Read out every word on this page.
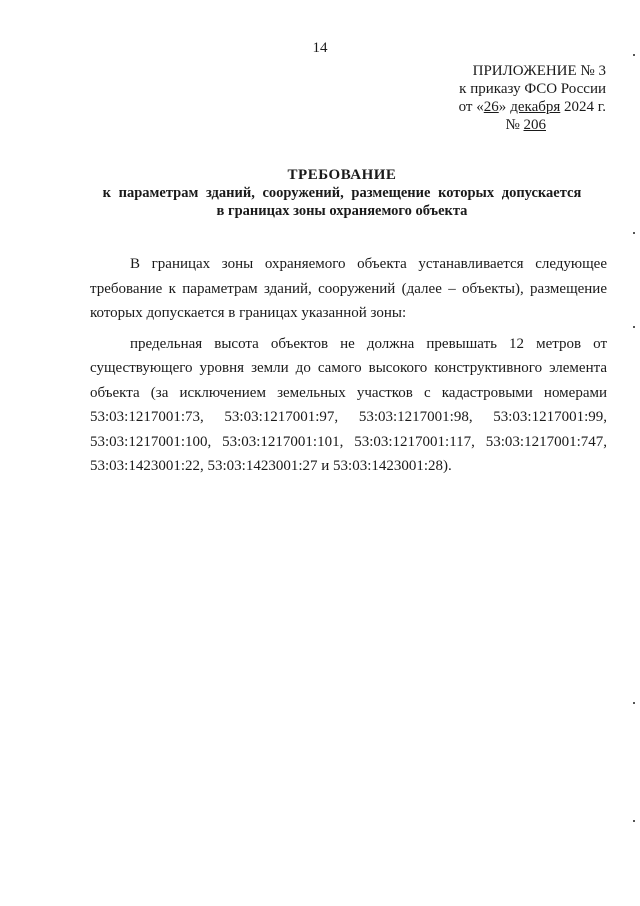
14
ПРИЛОЖЕНИЕ № 3
к приказу ФСО России
от «26» декабря 2024 г.
№ 206
ТРЕБОВАНИЕ
к параметрам зданий, сооружений, размещение которых допускается
в границах зоны охраняемого объекта

В границах зоны охраняемого объекта устанавливается следующее требование к параметрам зданий, сооружений (далее – объекты), размещение которых допускается в границах указанной зоны:

предельная высота объектов не должна превышать 12 метров от существующего уровня земли до самого высокого конструктивного элемента объекта (за исключением земельных участков с кадастровыми номерами 53:03:1217001:73, 53:03:1217001:97, 53:03:1217001:98, 53:03:1217001:99, 53:03:1217001:100, 53:03:1217001:101, 53:03:1217001:117, 53:03:1217001:747, 53:03:1423001:22, 53:03:1423001:27 и 53:03:1423001:28).
